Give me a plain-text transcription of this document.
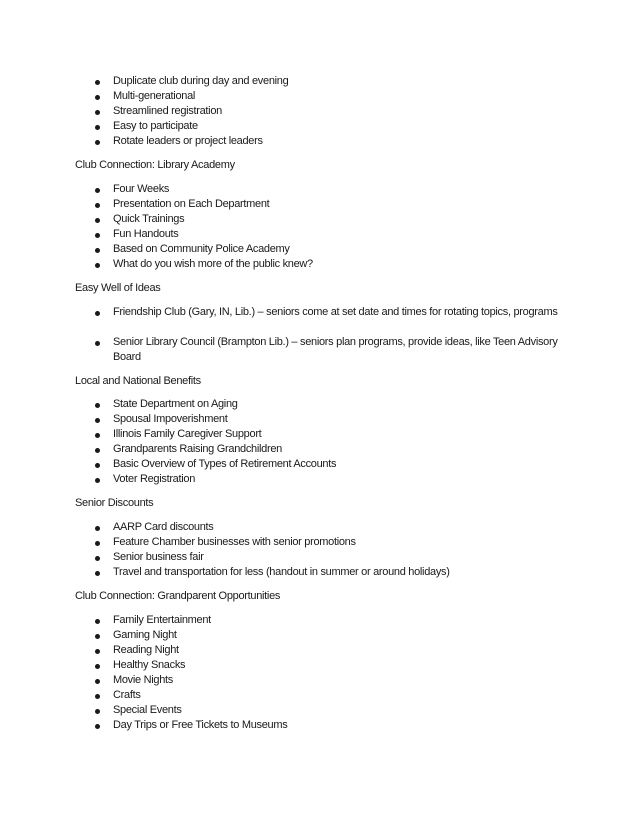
Duplicate club during day and evening
Multi-generational
Streamlined registration
Easy to participate
Rotate leaders or project leaders
Club Connection: Library Academy
Four Weeks
Presentation on Each Department
Quick Trainings
Fun Handouts
Based on Community Police Academy
What do you wish more of the public knew?
Easy Well of Ideas
Friendship Club (Gary, IN, Lib.) – seniors come at set date and times for rotating topics, programs
Senior Library Council (Brampton Lib.) – seniors plan programs, provide ideas, like Teen Advisory Board
Local and National Benefits
State Department on Aging
Spousal Impoverishment
Illinois Family Caregiver Support
Grandparents Raising Grandchildren
Basic Overview of Types of Retirement Accounts
Voter Registration
Senior Discounts
AARP Card discounts
Feature Chamber businesses with senior promotions
Senior business fair
Travel and transportation for less (handout in summer or around holidays)
Club Connection: Grandparent Opportunities
Family Entertainment
Gaming Night
Reading Night
Healthy Snacks
Movie Nights
Crafts
Special Events
Day Trips or Free Tickets to Museums
